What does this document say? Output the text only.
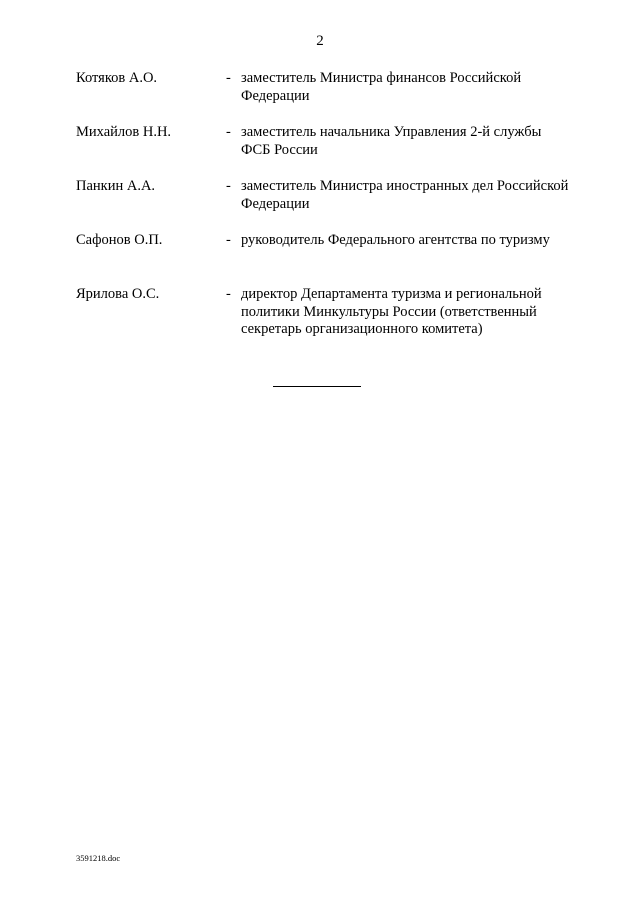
2
Котяков А.О.	- заместитель Министра финансов Российской Федерации
Михайлов Н.Н.	- заместитель начальника Управления 2-й службы ФСБ России
Панкин А.А.	- заместитель Министра иностранных дел Российской Федерации
Сафонов О.П.	- руководитель Федерального агентства по туризму
Ярилова О.С.	- директор Департамента туризма и региональной политики Минкультуры России (ответственный секретарь организационного комитета)
3591218.doc
